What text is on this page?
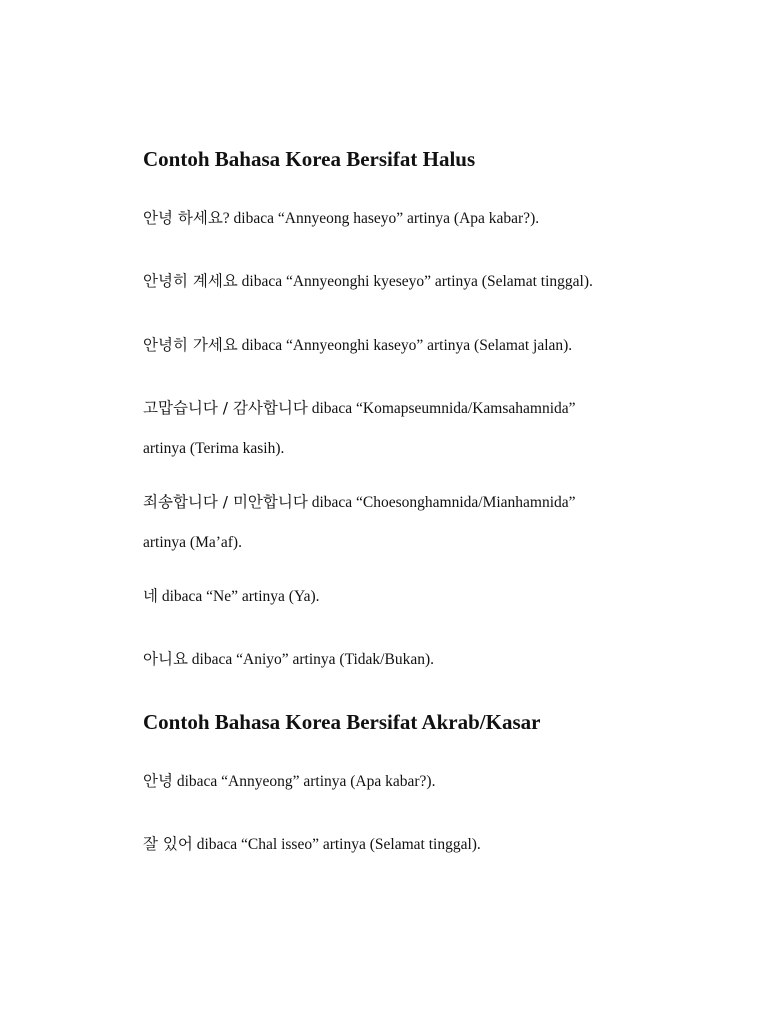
Contoh Bahasa Korea Bersifat Halus
안녕 하세요? dibaca “Annyeong haseyo” artinya (Apa kabar?).
안녕히 계세요 dibaca “Annyeonghi kyeseyo” artinya (Selamat tinggal).
안녕히 가세요 dibaca “Annyeonghi kaseyo” artinya (Selamat jalan).
고맙습니다 / 감사합니다 dibaca “Komapseumnida/Kamsahamnida”
artinya (Terima kasih).
죄송합니다 / 미안합니다 dibaca “Choesonghamnida/Mianhamnida”
artinya (Ma’af).
네 dibaca “Ne” artinya (Ya).
아니요 dibaca “Aniyo” artinya (Tidak/Bukan).
Contoh Bahasa Korea Bersifat Akrab/Kasar
안녕 dibaca “Annyeong” artinya (Apa kabar?).
잘 있어 dibaca “Chal isseo” artinya (Selamat tinggal).
